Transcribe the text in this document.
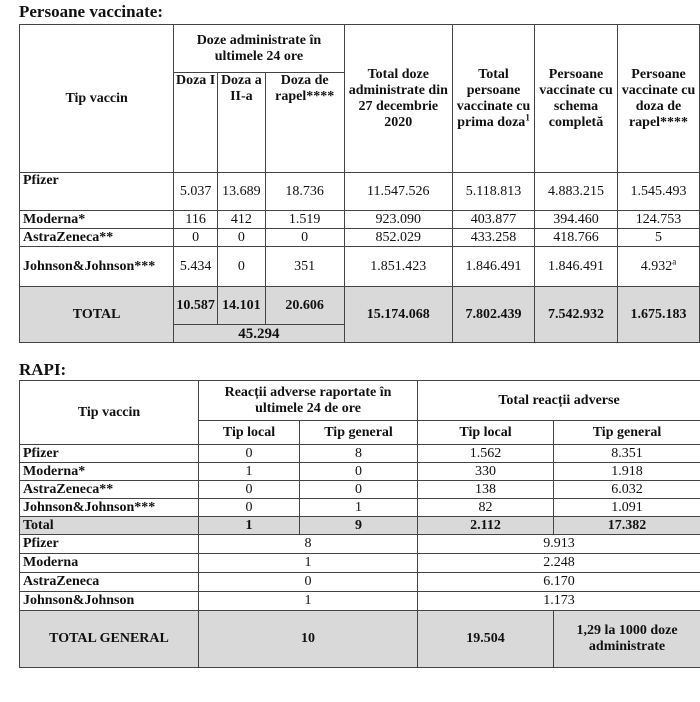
Persoane vaccinate:
Tip vaccin	Doze administrate în ultimele 24 ore			Total doze administrate din 27 decembrie 2020	Total persoane vaccinate cu prima doza$^1$	Persoane vaccinate cu schema completă	Persoane vaccinate cu doza de rapel****
	Doza I	Doza a II-a	Doza de rapel****				
Pfizer	5.037	13.689	18.736	11.547.526	5.118.813	4.883.215	1.545.493
Moderna*	116	412	1.519	923.090	403.877	394.460	124.753
AstraZeneca**	0	0	0	852.029	433.258	418.766	5
Johnson&Johnson***	5.434	0	351	1.851.423	1.846.491	1.846.491	4.932$^a$
TOTAL	10.587	14.101	20.606	15.174.068	7.802.439	7.542.932	1.675.183
	45.294						
RAPI:
Tip vaccin	Reacții adverse raportate în ultimele 24 de ore		Total reacții adverse	
	Tip local	Tip general	Tip local	Tip general
Pfizer	0	8	1.562	8.351
Moderna*	1	0	330	1.918
AstraZeneca**	0	0	138	6.032
Johnson&Johnson***	0	1	82	1.091
Total	1	9	2.112	17.382
Pfizer	8		9.913	
Moderna	1		2.248	
AstraZeneca	0		6.170	
Johnson&Johnson	1		1.173	
TOTAL GENERAL	10		19.504	1,29 la 1000 doze administrate
